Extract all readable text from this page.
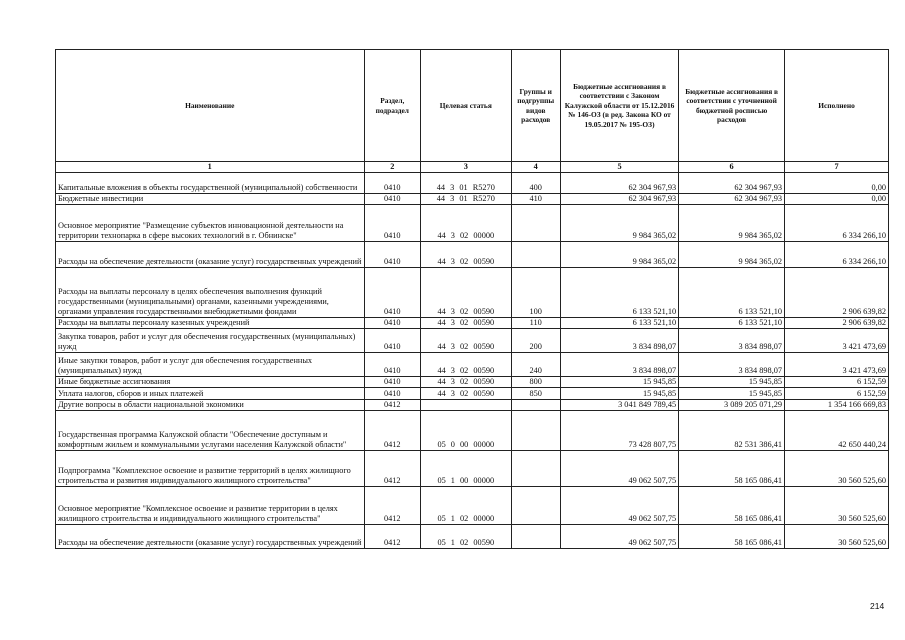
Наименование	Раздел, подраздел	Целевая статья	Группы и подгруппы видов расходов	Бюджетные ассигнования в соответствии с Законом Калужской области от 15.12.2016 № 146-ОЗ (в ред. Закона КО от 19.05.2017 № 195-ОЗ)	Бюджетные ассигнования в соответствии с уточненной бюджетной росписью расходов	Исполнено
1	2	3	4	5	6	7
Капитальные вложения в объекты государственной (муниципальной) собственности	0410	44 3 01 R5270	400	62 304 967,93	62 304 967,93	0,00
Бюджетные инвестиции	0410	44 3 01 R5270	410	62 304 967,93	62 304 967,93	0,00
Основное мероприятие "Размещение субъектов инновационной деятельности на территории технопарка в сфере высоких технологий в г. Обнинске"	0410	44 3 02 00000		9 984 365,02	9 984 365,02	6 334 266,10
Расходы на обеспечение деятельности (оказание услуг) государственных учреждений	0410	44 3 02 00590		9 984 365,02	9 984 365,02	6 334 266,10
Расходы на выплаты персоналу в целях обеспечения выполнения функций государственными (муниципальными) органами, казенными учреждениями, органами управления государственными внебюджетными фондами	0410	44 3 02 00590	100	6 133 521,10	6 133 521,10	2 906 639,82
Расходы на выплаты персоналу казенных учреждений	0410	44 3 02 00590	110	6 133 521,10	6 133 521,10	2 906 639,82
Закупка товаров, работ и услуг для обеспечения государственных (муниципальных) нужд	0410	44 3 02 00590	200	3 834 898,07	3 834 898,07	3 421 473,69
Иные закупки товаров, работ и услуг для обеспечения государственных (муниципальных) нужд	0410	44 3 02 00590	240	3 834 898,07	3 834 898,07	3 421 473,69
Иные бюджетные ассигнования	0410	44 3 02 00590	800	15 945,85	15 945,85	6 152,59
Уплата налогов, сборов и иных платежей	0410	44 3 02 00590	850	15 945,85	15 945,85	6 152,59
Другие вопросы в области национальной экономики	0412			3 041 849 789,45	3 089 205 071,29	1 354 166 669,83
Государственная программа Калужской области "Обеспечение доступным и комфортным жильем и коммунальными услугами населения Калужской области"	0412	05 0 00 00000		73 428 807,75	82 531 386,41	42 650 440,24
Подпрограмма "Комплексное освоение и развитие территорий в целях жилищного строительства и развития индивидуального жилищного строительства"	0412	05 1 00 00000		49 062 507,75	58 165 086,41	30 560 525,60
Основное мероприятие "Комплексное освоение и развитие территории в целях жилищного строительства и индивидуального жилищного строительства"	0412	05 1 02 00000		49 062 507,75	58 165 086,41	30 560 525,60
Расходы на обеспечение деятельности (оказание услуг) государственных учреждений	0412	05 1 02 00590		49 062 507,75	58 165 086,41	30 560 525,60
214
